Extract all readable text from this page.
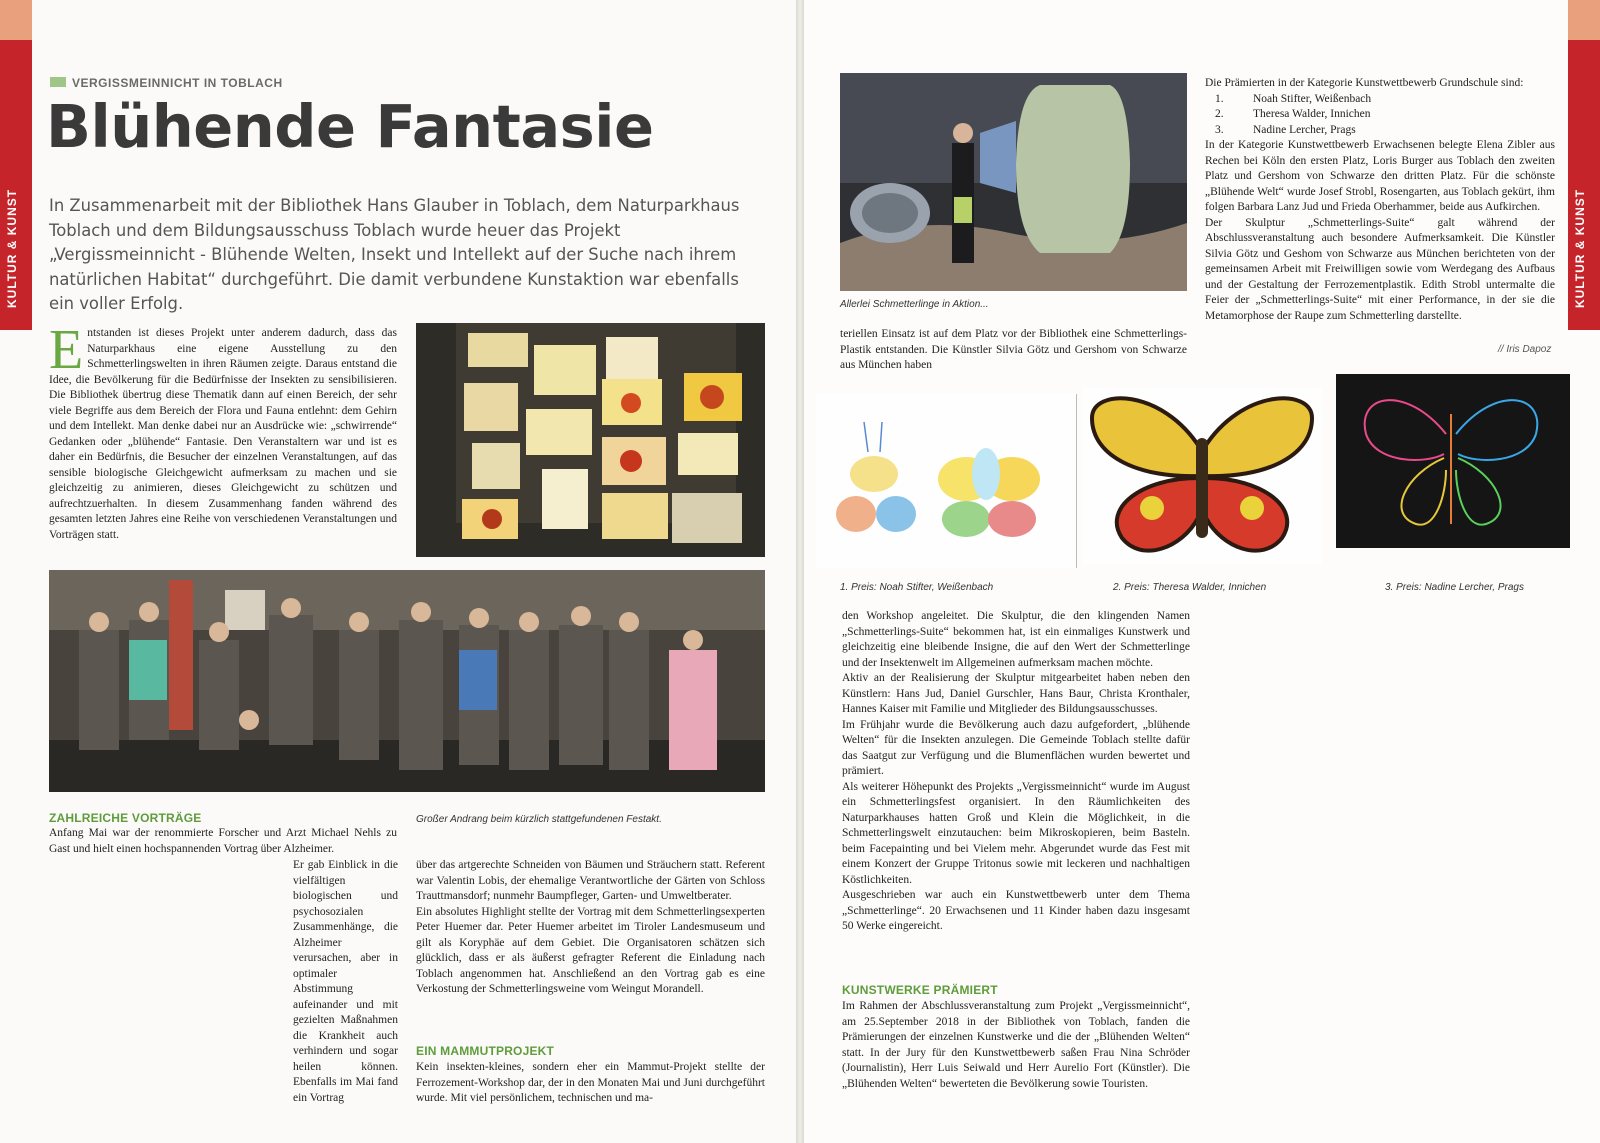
KULTUR & KUNST	KULTUR & KUNST
VERGISSMEINNICHT IN TOBLACH
Blühende Fantasie
In Zusammenarbeit mit der Bibliothek Hans Glauber in Toblach, dem Naturparkhaus Toblach und dem Bildungsausschuss Toblach wurde heuer das Projekt „Vergissmeinnicht - Blühende Welten, Insekt und Intellekt auf der Suche nach ihrem natürlichen Habitat“ durchgeführt. Die damit verbundene Kunstaktion war ebenfalls ein voller Erfolg.
Entstanden ist dieses Projekt unter anderem dadurch, dass das Naturparkhaus eine eigene Ausstellung zu den Schmetterlingswelten in ihren Räumen zeigte. Daraus entstand die Idee, die Bevölkerung für die Bedürfnisse der Insekten zu sensibilisieren. Die Bibliothek übertrug diese Thematik dann auf einen Bereich, der sehr viele Begriffe aus dem Bereich der Flora und Fauna entlehnt: dem Gehirn und dem Intellekt. Man denke dabei nur an Ausdrücke wie: „schwirrende“ Gedanken oder „blühende“ Fantasie. Den Veranstaltern war und ist es daher ein Bedürfnis, die Besucher der einzelnen Veranstaltungen, auf das sensible biologische Gleichgewicht aufmerksam zu machen und sie gleichzeitig zu animieren, dieses Gleichgewicht zu schützen und aufrechtzuerhalten. In diesem Zusammenhang fanden während des gesamten letzten Jahres eine Reihe von verschiedenen Veranstaltungen und Vorträgen statt.
Großer Andrang beim kürzlich stattgefundenen Festakt.
ZAHLREICHE VORTRÄGE
Anfang Mai war der renommierte Forscher und Arzt Michael Nehls zu Gast und hielt einen hochspannenden Vortrag über Alzheimer.
Er gab Einblick in die vielfältigen biologischen und psychosozialen Zusammenhänge, die Alzheimer verursachen, aber in optimaler Abstimmung aufeinander und mit gezielten Maßnahmen die Krankheit auch verhindern und sogar heilen können. Ebenfalls im Mai fand ein Vortrag

über das artgerechte Schneiden von Bäumen und Sträuchern statt. Referent war Valentin Lobis, der ehemalige Verantwortliche der Gärten von Schloss Trauttmansdorf; nunmehr Baumpfleger, Garten- und Umweltberater.

Ein absolutes Highlight stellte der Vortrag mit dem Schmetterlingsexperten Peter Huemer dar. Peter Huemer arbeitet im Tiroler Landesmuseum und gilt als Koryphäe auf dem Gebiet. Die Organisatoren schätzen sich glücklich, dass er als äußerst gefragter Referent die Einladung nach Toblach angenommen hat. Anschließend an den Vortrag gab es eine Verkostung der Schmetterlingsweine vom Weingut Morandell.

EIN MAMMUTPROJEKT
Kein insekten-kleines, sondern eher ein Mammut-Projekt stellte der Ferrozement-Workshop dar, der in den Monaten Mai und Juni durchgeführt wurde. Mit viel persönlichem, technischen und ma-
Allerlei Schmetterlinge in Aktion...
teriellen Einsatz ist auf dem Platz vor der Bibliothek eine Schmetterlings-Plastik entstanden. Die Künstler Silvia Götz und Gershom von Schwarze aus München haben

Die Prämierten in der Kategorie Kunstwettbewerb Grundschule sind:

1.	Noah Stifter, Weißenbach
2.	Theresa Walder, Innichen
3.	Nadine Lercher, Prags

In der Kategorie Kunstwettbewerb Erwachsenen belegte Elena Zibler aus Rechen bei Köln den ersten Platz, Loris Burger aus Toblach den zweiten Platz und Gershom von Schwarze den dritten Platz. Für die schönste „Blühende Welt“ wurde Josef Strobl, Rosengarten, aus Toblach gekürt, ihm folgen Barbara Lanz Jud und Frieda Oberhammer, beide aus Aufkirchen.

Der Skulptur „Schmetterlings-Suite“ galt während der Abschlussveranstaltung auch besondere Aufmerksamkeit. Die Künstler Silvia Götz und Geshom von Schwarze aus München berichteten von der gemeinsamen Arbeit mit Freiwilligen sowie vom Werdegang des Aufbaus und der Gestaltung der Ferrozementplastik. Edith Strobl untermalte die Feier der „Schmetterlings-Suite“ mit einer Performance, in der sie die Metamorphose der Raupe zum Schmetterling darstellte.

// Iris Dapoz
1. Preis: Noah Stifter, Weißenbach	2. Preis: Theresa Walder, Innichen	3. Preis: Nadine Lercher, Prags

den Workshop angeleitet. Die Skulptur, die den klingenden Namen „Schmetterlings-Suite“ bekommen hat, ist ein einmaliges Kunstwerk und gleichzeitig eine bleibende Insigne, die auf den Wert der Schmetterlinge und der Insektenwelt im Allgemeinen aufmerksam machen möchte.

Aktiv an der Realisierung der Skulptur mitgearbeitet haben neben den Künstlern: Hans Jud, Daniel Gurschler, Hans Baur, Christa Kronthaler, Hannes Kaiser mit Familie und Mitglieder des Bildungsausschusses.

Im Frühjahr wurde die Bevölkerung auch dazu aufgefordert, „blühende Welten“ für die Insekten anzulegen. Die Gemeinde Toblach stellte dafür das Saatgut zur Verfügung und die Blumenflächen wurden bewertet und prämiert.

Als weiterer Höhepunkt des Projekts „Vergissmeinnicht“ wurde im August ein Schmetterlingsfest organisiert. In den Räumlichkeiten des Naturparkhauses hatten Groß und Klein die Möglichkeit, in die Schmetterlingswelt einzutauchen: beim Mikroskopieren, beim Basteln. beim Facepainting und bei Vielem mehr. Abgerundet wurde das Fest mit einem Konzert der Gruppe Tritonus sowie mit leckeren und nachhaltigen Köstlichkeiten.

Ausgeschrieben war auch ein Kunstwettbewerb unter dem Thema „Schmetterlinge“. 20 Erwachsenen und 11 Kinder haben dazu insgesamt 50 Werke eingereicht.

KUNSTWERKE PRÄMIERT
Im Rahmen der Abschlussveranstaltung zum Projekt „Vergissmeinnicht“, am 25.September 2018 in der Bibliothek von Toblach, fanden die Prämierungen der einzelnen Kunstwerke und die der „Blühenden Welten“ statt. In der Jury für den Kunstwettbewerb saßen Frau Nina Schröder (Journalistin), Herr Luis Seiwald und Herr Aurelio Fort (Künstler). Die „Blühenden Welten“ bewerteten die Bevölkerung sowie Touristen.
